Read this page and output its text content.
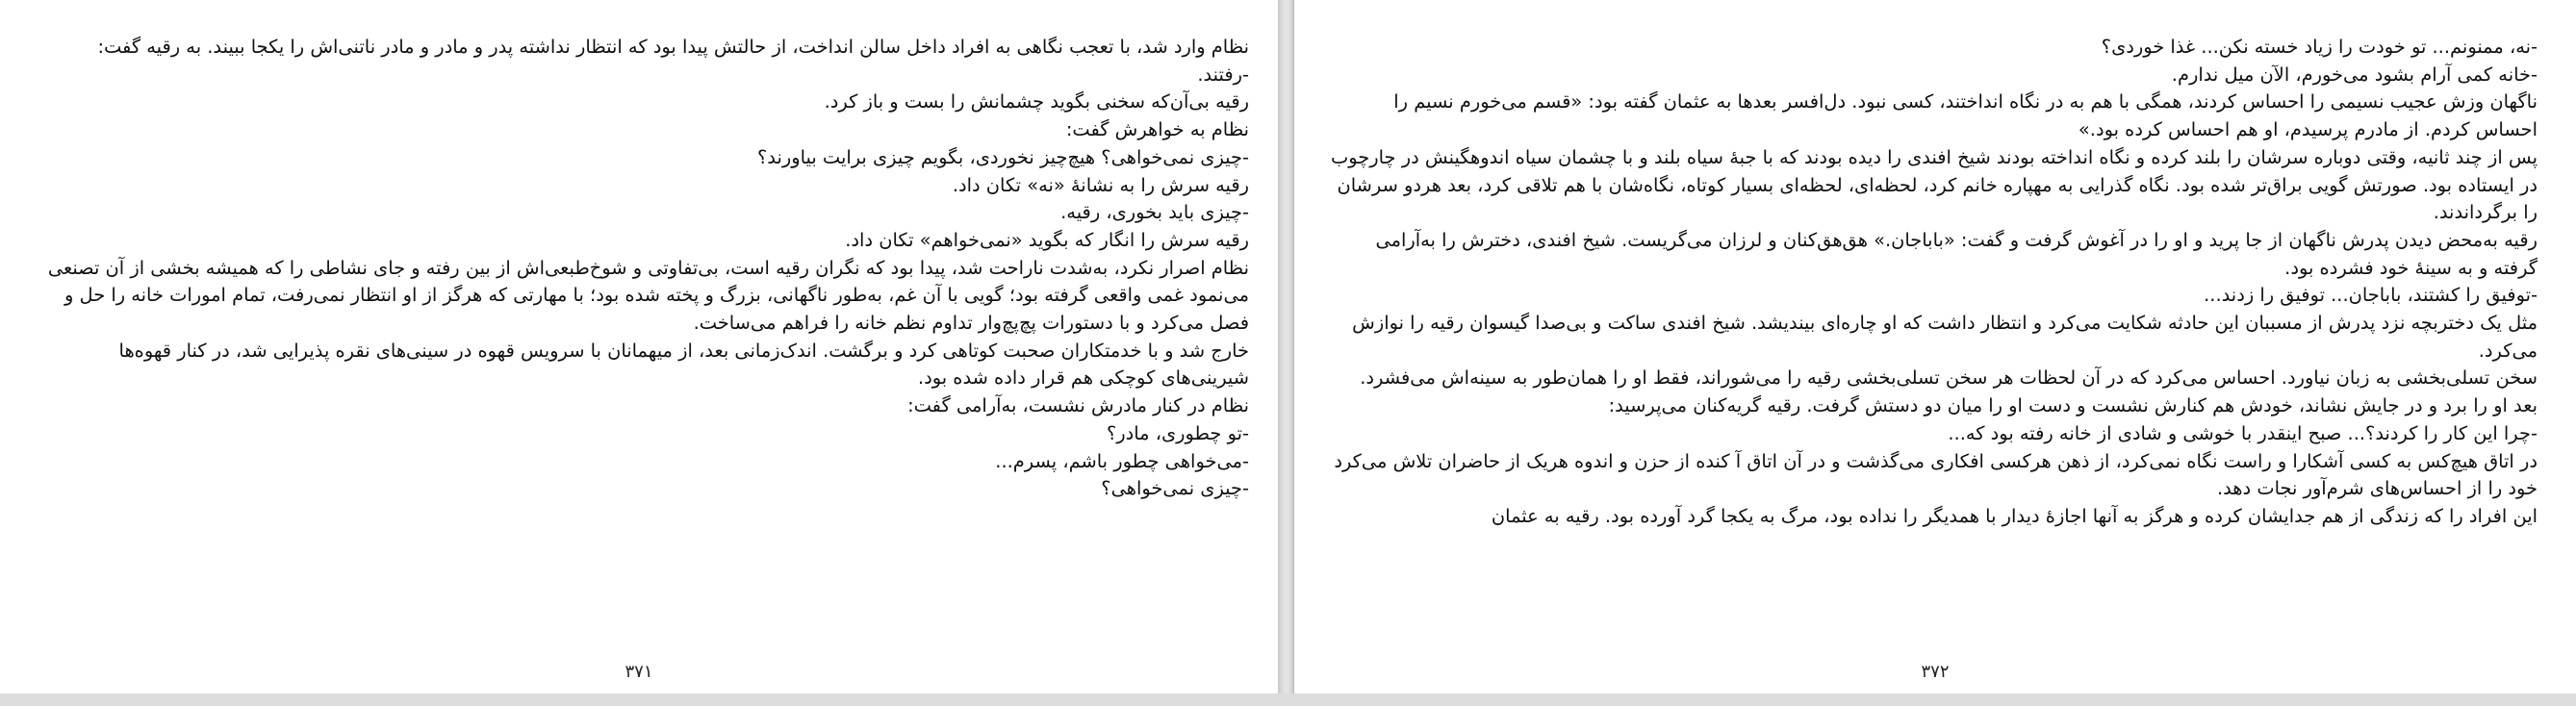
نظام وارد شد، با تعجب نگاهی به افراد داخل سالن انداخت، از حالتش پیدا بود که انتظار نداشته پدر و مادر و مادر ناتنی‌اش را یکجا ببیند. به رقیه گفت:

-رفتند.

رقیه بی‌آن‌که سخنی بگوید چشمانش را بست و باز کرد.

نظام به خواهرش گفت:

-چیزی نمی‌خواهی؟ هیچ‌چیز نخوردی، بگویم چیزی برایت بیاورند؟

رقیه سرش را به نشانهٔ «نه» تکان داد.

-چیزی باید بخوری، رقیه.

رقیه سرش را انگار که بگوید «نمی‌خواهم» تکان داد.

نظام اصرار نکرد، به‌شدت ناراحت شد، پیدا بود که نگران رقیه است، بی‌تفاوتی و شوخ‌طبعی‌اش از بین رفته و جای نشاطی را که همیشه بخشی از آن تصنعی می‌نمود غمی واقعی گرفته بود؛ گویی با آن غم، به‌طور ناگهانی، بزرگ و پخته شده بود؛ با مهارتی که هرگز از او انتظار نمی‌رفت، تمام امورات خانه را حل و فصل می‌کرد و با دستورات پچ‌پچ‌وار تداوم نظم خانه را فراهم می‌ساخت.

خارج شد و با خدمتکاران صحبت کوتاهی کرد و برگشت. اندک‌زمانی بعد، از میهمانان با سرویس قهوه در سینی‌های نقره پذیرایی شد، در کنار قهوه‌ها شیرینی‌های کوچکی هم قرار داده شده بود.

نظام در کنار مادرش نشست، به‌آرامی گفت:

-تو چطوری، مادر؟

-می‌خواهی چطور باشم، پسرم...

-چیزی نمی‌خواهی؟

۳۷۱

-نه، ممنونم... تو خودت را زیاد خسته نکن... غذا خوردی؟

-خانه کمی آرام بشود می‌خورم، الآن میل ندارم.

ناگهان وزش عجیب نسیمی را احساس کردند، همگی با هم به در نگاه انداختند، کسی نبود. دل‌افسر بعدها به عثمان گفته بود: «قسم می‌خورم نسیم را احساس کردم. از مادرم پرسیدم، او هم احساس کرده بود.»

پس از چند ثانیه، وقتی دوباره سرشان را بلند کرده و نگاه انداخته بودند شیخ افندی را دیده بودند که با جبهٔ سیاه بلند و با چشمان سیاه اندوهگینش در چارچوب در ایستاده بود. صورتش گویی براق‌تر شده بود. نگاه گذرایی به مهپاره خانم کرد، لحظه‌ای، لحظه‌ای بسیار کوتاه، نگاه‌شان با هم تلاقی کرد، بعد هردو سرشان را برگرداندند.

رقیه به‌محض دیدن پدرش ناگهان از جا پرید و او را در آغوش گرفت و گفت: «باباجان.» هق‌هق‌کنان و لرزان می‌گریست. شیخ افندی، دخترش را به‌آرامی گرفته و به سینهٔ خود فشرده بود.

-توفیق را کشتند، باباجان... توفیق را زدند...

مثل یک دختربچه نزد پدرش از مسببان این حادثه شکایت می‌کرد و انتظار داشت که او چاره‌ای بیندیشد. شیخ افندی ساکت و بی‌صدا گیسوان رقیه را نوازش می‌کرد.

سخن تسلی‌بخشی به زبان نیاورد. احساس می‌کرد که در آن لحظات هر سخن تسلی‌بخشی رقیه را می‌شوراند، فقط او را همان‌طور به سینه‌اش می‌فشرد.

بعد او را برد و در جایش نشاند، خودش هم کنارش نشست و دست او را میان دو دستش گرفت. رقیه گریه‌کنان می‌پرسید:

-چرا این کار را کردند؟... صبح اینقدر با خوشی و شادی از خانه رفته بود که...

در اتاق هیچ‌کس به کسی آشکارا و راست نگاه نمی‌کرد، از ذهن هرکسی افکاری می‌گذشت و در آن اتاق آ کنده از حزن و اندوه هریک از حاضران تلاش می‌کرد خود را از احساس‌های شرم‌آور نجات دهد.

این افراد را که زندگی از هم جدایشان کرده و هرگز به آنها اجازهٔ دیدار با همدیگر را نداده بود، مرگ به یکجا گرد آورده بود. رقیه به عثمان

۳۷۲
